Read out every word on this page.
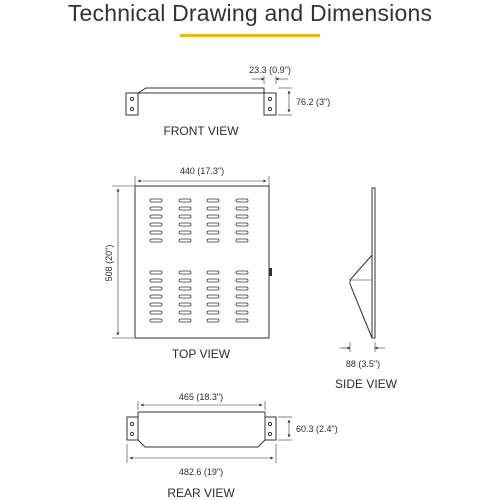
Technical Drawing and Dimensions
23.3 (0.9")
76.2 (3")
FRONT VIEW
440 (17.3")
508 (20")
TOP VIEW
88 (3.5")
SIDE VIEW
465 (18.3")
60.3 (2.4")
482.6 (19")
REAR VIEW
